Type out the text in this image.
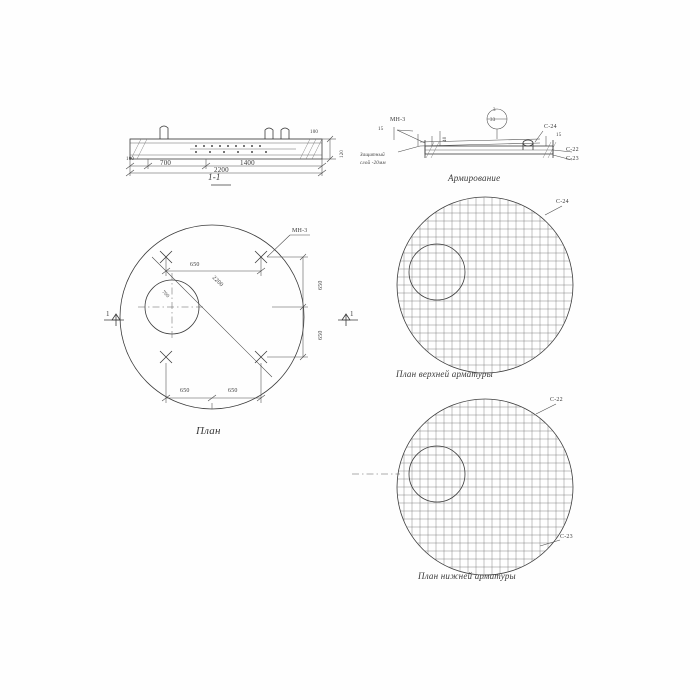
100	700	1400
2200
100
120
1-1
МН-3
15
40
15
3
33
С-24
С-22
С-23
Защитный
слой -20мм
Армирование
МН-3
650
650	650
650
650
2200
700
1	1
План
С-24
План верхней арматуры
С-22
С-23
План нижней арматуры
